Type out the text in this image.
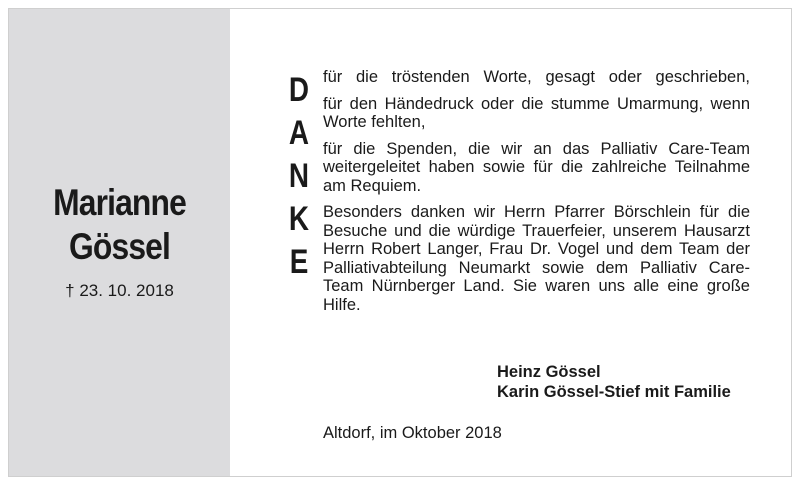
Marianne
Gössel
† 23. 10. 2018
D
A
N
K
E

für die tröstenden Worte, gesagt oder geschrieben,

für den Händedruck oder die stumme Umarmung, wenn Worte fehlten,

für die Spenden, die wir an das Palliativ Care-Team weitergeleitet haben sowie für die zahlreiche Teilnahme am Requiem.

Besonders danken wir Herrn Pfarrer Börschlein für die Besuche und die würdige Trauerfeier, unserem Hausarzt Herrn Robert Langer, Frau Dr. Vogel und dem Team der Palliativabteilung Neumarkt sowie dem Palliativ Care-Team Nürnberger Land. Sie waren uns alle eine große Hilfe.

Heinz Gössel
Karin Gössel-Stief mit Familie
Altdorf, im Oktober 2018
